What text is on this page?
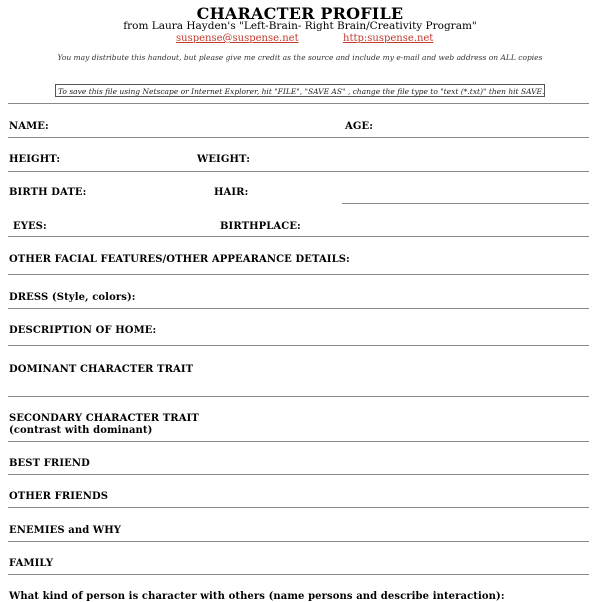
CHARACTER PROFILE
from Laura Hayden's "Left-Brain- Right Brain/Creativity Program"
suspense@suspense.net	http:suspense.net
You may distribute this handout, but please give me credit as the source and include my e-mail and web address on ALL copies
To save this file using Netscape or Internet Explorer, hit "FILE", "SAVE AS" , change the file type to "text (*.txt)" then hit SAVE.
NAME:	AGE:
HEIGHT:	WEIGHT:
BIRTH DATE:	HAIR:
EYES:	BIRTHPLACE:
OTHER FACIAL FEATURES/OTHER APPEARANCE DETAILS:
DRESS (Style, colors):
DESCRIPTION OF HOME:
DOMINANT CHARACTER TRAIT
SECONDARY CHARACTER TRAIT
(contrast with dominant)
BEST FRIEND
OTHER FRIENDS
ENEMIES and WHY
FAMILY
What kind of person is character with others (name persons and describe interaction):
